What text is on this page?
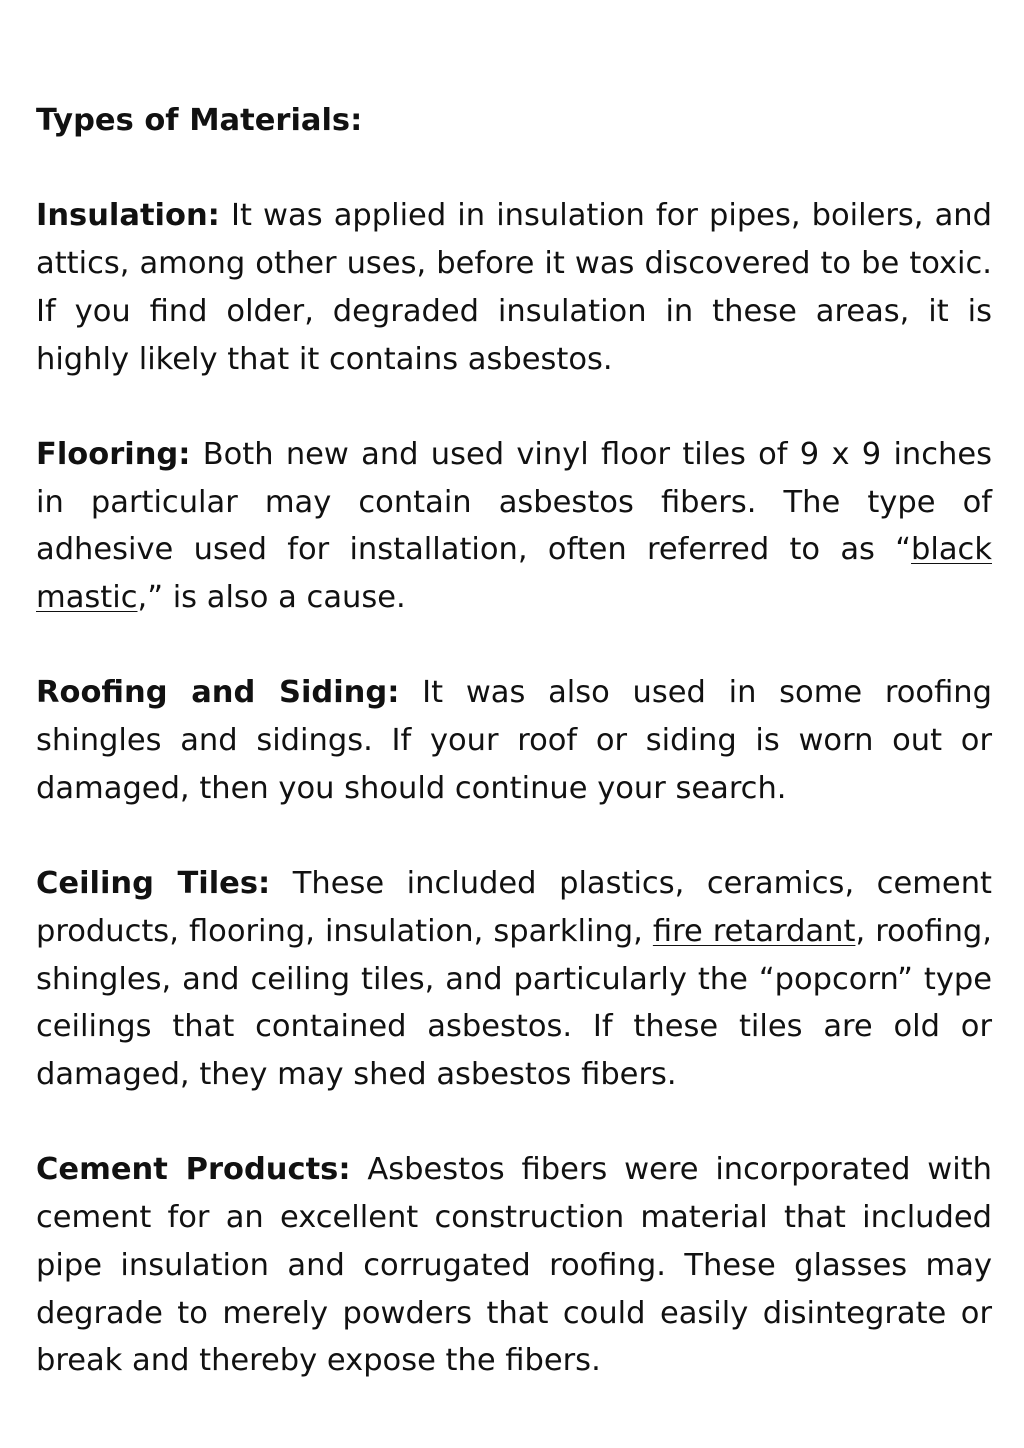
Types of Materials:

Insulation: It was applied in insulation for pipes, boilers, and attics, among other uses, before it was discovered to be toxic. If you find older, degraded insulation in these areas, it is highly likely that it contains asbestos.

Flooring: Both new and used vinyl floor tiles of 9 x 9 inches in particular may contain asbestos fibers. The type of adhesive used for installation, often referred to as “black mastic,” is also a cause.

Roofing and Siding: It was also used in some roofing shingles and sidings. If your roof or siding is worn out or damaged, then you should continue your search.

Ceiling Tiles: These included plastics, ceramics, cement products, flooring, insulation, sparkling, fire retardant, roofing, shingles, and ceiling tiles, and particularly the “popcorn” type ceilings that contained asbestos. If these tiles are old or damaged, they may shed asbestos fibers.

Cement Products: Asbestos fibers were incorporated with cement for an excellent construction material that included pipe insulation and corrugated roofing. These glasses may degrade to merely powders that could easily disintegrate or break and thereby expose the fibers.
